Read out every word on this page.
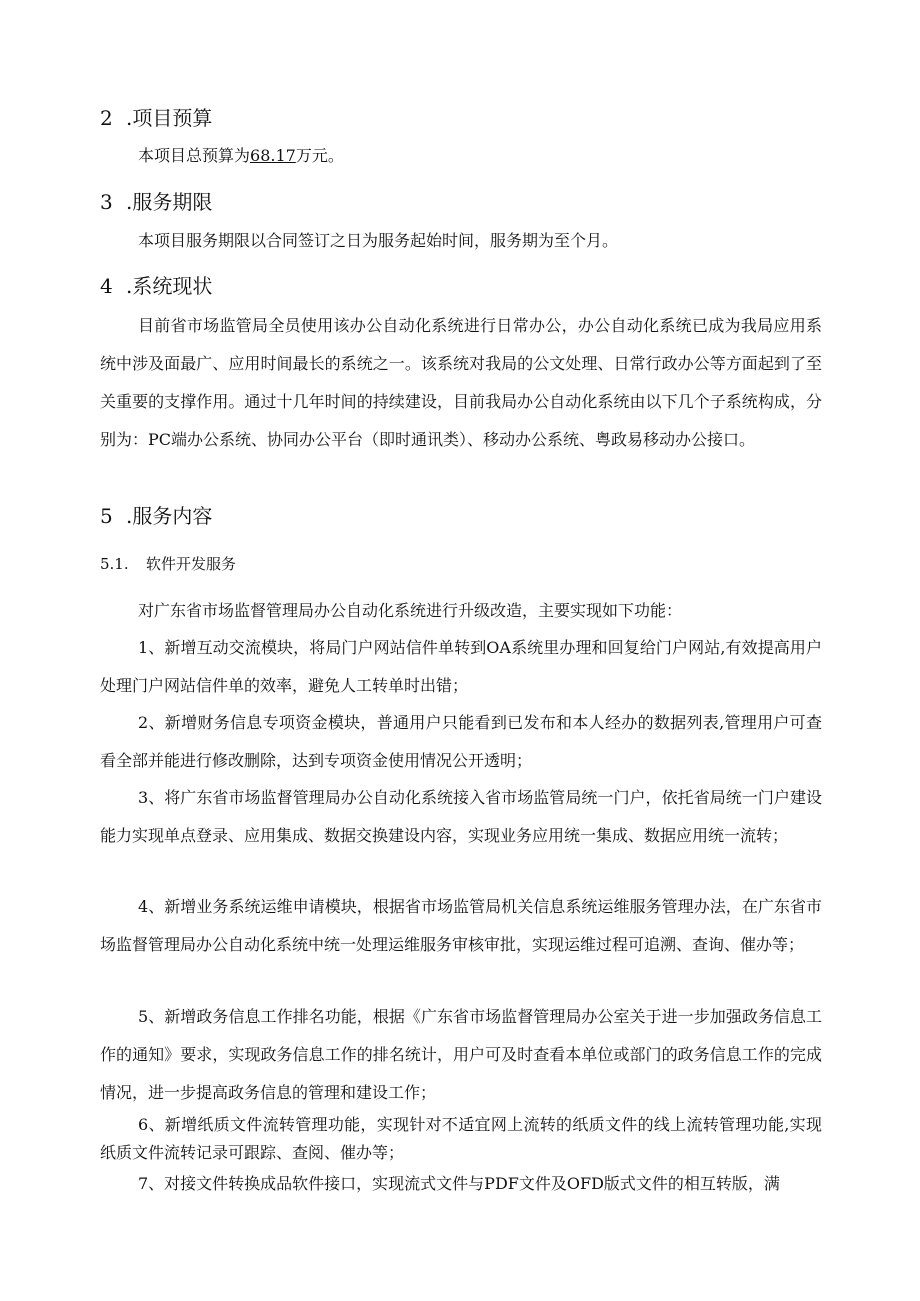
2 .项目预算
本项目总预算为68.17万元。
3 .服务期限
本项目服务期限以合同签订之日为服务起始时间，服务期为至个月。
4 .系统现状
目前省市场监管局全员使用该办公自动化系统进行日常办公，办公自动化系统已成为我局应用系统中涉及面最广、应用时间最长的系统之一。该系统对我局的公文处理、日常行政办公等方面起到了至关重要的支撑作用。通过十几年时间的持续建设，目前我局办公自动化系统由以下几个子系统构成，分别为：PC端办公系统、协同办公平台（即时通讯类）、移动办公系统、粤政易移动办公接口。
5 .服务内容
5.1. 软件开发服务
对广东省市场监督管理局办公自动化系统进行升级改造，主要实现如下功能：
1、新增互动交流模块，将局门户网站信件单转到OA系统里办理和回复给门户网站,有效提高用户处理门户网站信件单的效率，避免人工转单时出错；
2、新增财务信息专项资金模块，普通用户只能看到已发布和本人经办的数据列表,管理用户可查看全部并能进行修改删除，达到专项资金使用情况公开透明；
3、将广东省市场监督管理局办公自动化系统接入省市场监管局统一门户，依托省局统一门户建设能力实现单点登录、应用集成、数据交换建设内容，实现业务应用统一集成、数据应用统一流转；
4、新增业务系统运维申请模块，根据省市场监管局机关信息系统运维服务管理办法，在广东省市场监督管理局办公自动化系统中统一处理运维服务审核审批，实现运维过程可追溯、查询、催办等；
5、新增政务信息工作排名功能，根据《广东省市场监督管理局办公室关于进一步加强政务信息工作的通知》要求，实现政务信息工作的排名统计，用户可及时查看本单位或部门的政务信息工作的完成情况，进一步提高政务信息的管理和建设工作；
6、新增纸质文件流转管理功能，实现针对不适宜网上流转的纸质文件的线上流转管理功能,实现纸质文件流转记录可跟踪、查阅、催办等；
7、对接文件转换成品软件接口，实现流式文件与PDF文件及OFD版式文件的相互转版，满
